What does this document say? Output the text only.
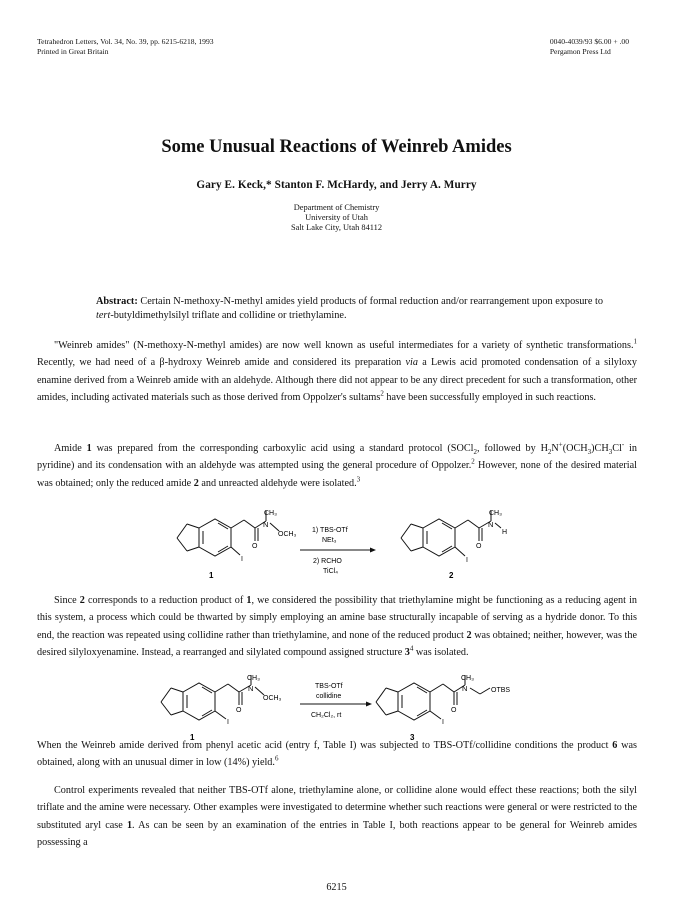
Tetrahedron Letters, Vol. 34, No. 39, pp. 6215-6218, 1993
Printed in Great Britain
0040-4039/93 $6.00 + .00
Pergamon Press Ltd
Some Unusual Reactions of Weinreb Amides
Gary E. Keck,* Stanton F. McHardy, and Jerry A. Murry
Department of Chemistry
University of Utah
Salt Lake City, Utah 84112
Abstract: Certain N-methoxy-N-methyl amides yield products of formal reduction and/or rearrangement upon exposure to tert-butyldimethylsilyl triflate and collidine or triethylamine.

"Weinreb amides" (N-methoxy-N-methyl amides) are now well known as useful intermediates for a variety of synthetic transformations.$^1$ Recently, we had need of a β-hydroxy Weinreb amide and considered its preparation via a Lewis acid promoted condensation of a silyloxy enamine derived from a Weinreb amide with an aldehyde. Although there did not appear to be any direct precedent for such a transformation, other amides, including activated materials such as those derived from Oppolzer's sultams$^2$ have been successfully employed in such reactions.

Amide 1 was prepared from the corresponding carboxylic acid using a standard protocol (SOCl$_2$, followed by $H_2N^+(OCH_3)CH_3Cl^-$ in pyridine) and its condensation with an aldehyde was attempted using the general procedure of Oppolzer.$^2$ However, none of the desired material was obtained; only the reduced amide 2 and unreacted aldehyde were isolated.$^3$

CH₃
N
OCH₃
O
I
1
1) TBS-OTf
NEt₃
2) RCHO
TiCl₄
CH₃
N
H
O
I
2

Since 2 corresponds to a reduction product of 1, we considered the possibility that triethylamine might be functioning as a reducing agent in this system, a process which could be thwarted by simply employing an amine base structurally incapable of serving as a hydride donor. To this end, the reaction was repeated using collidine rather than triethylamine, and none of the reduced product 2 was obtained; neither, however, was the desired silyloxyenamine. Instead, a rearranged and silylated compound assigned structure $3^4$ was isolated.

CH₃
N
OCH₃
O
I
1
TBS-OTf
collidine
CH₂Cl₂, rt
CH₃
N	OTBS
O
I
3

When the Weinreb amide derived from phenyl acetic acid (entry f, Table I) was subjected to TBS-OTf/collidine conditions the product 6 was obtained, along with an unusual dimer in low (14%) yield.$^6$

Control experiments revealed that neither TBS-OTf alone, triethylamine alone, or collidine alone would effect these reactions; both the silyl triflate and the amine were necessary. Other examples were investigated to determine whether such reactions were general or were restricted to the substituted aryl case 1. As can be seen by an examination of the entries in Table I, both reactions appear to be general for Weinreb amides possessing a

6215
